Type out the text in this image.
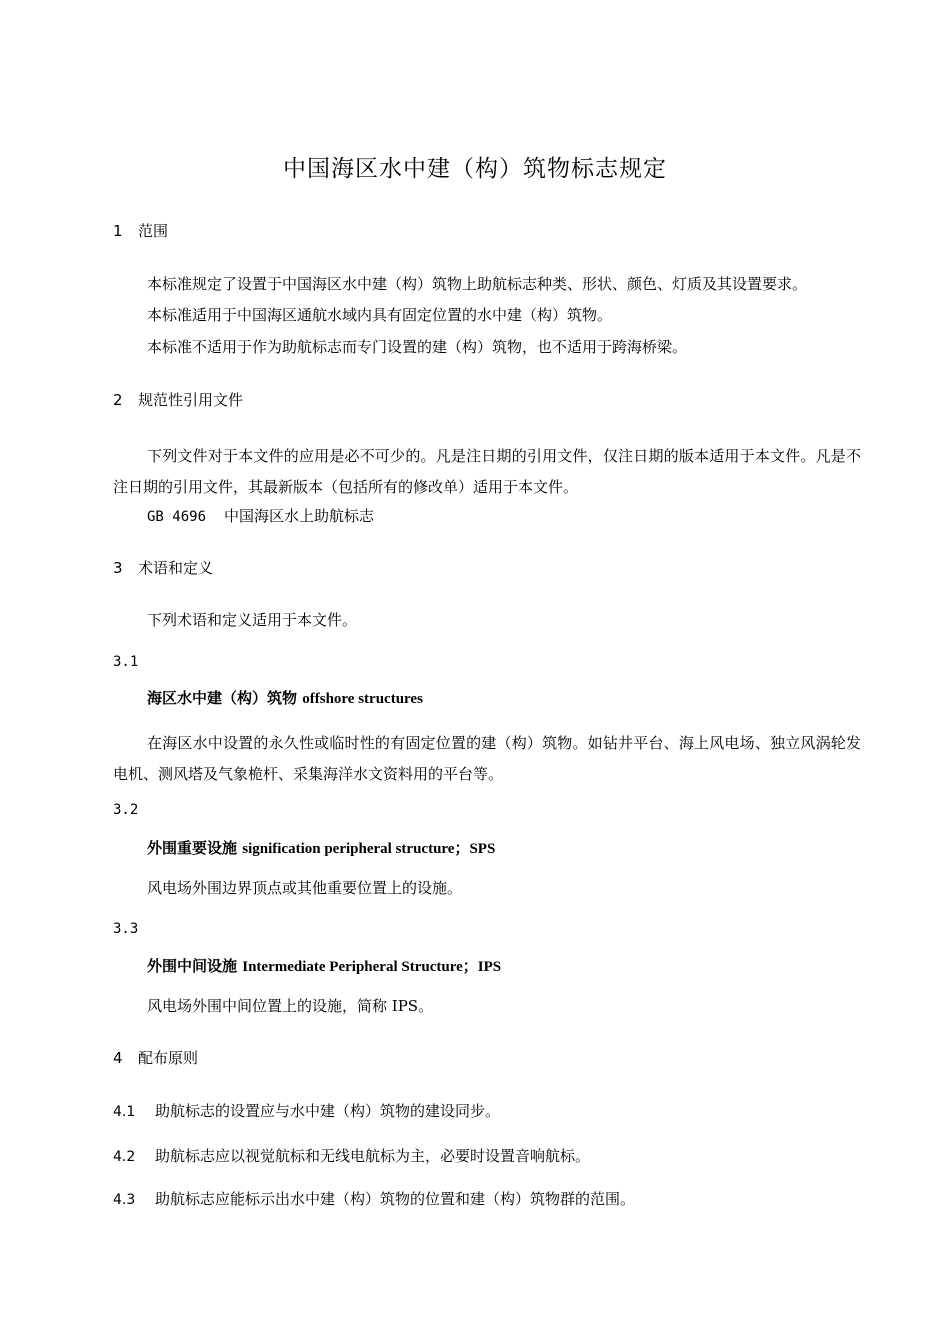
中国海区水中建（构）筑物标志规定
1 范围
本标准规定了设置于中国海区水中建（构）筑物上助航标志种类、形状、颜色、灯质及其设置要求。
本标准适用于中国海区通航水域内具有固定位置的水中建（构）筑物。
本标准不适用于作为助航标志而专门设置的建（构）筑物，也不适用于跨海桥梁。
2 规范性引用文件
下列文件对于本文件的应用是必不可少的。凡是注日期的引用文件，仅注日期的版本适用于本文件。凡是不注日期的引用文件，其最新版本（包括所有的修改单）适用于本文件。
GB 4696 中国海区水上助航标志
3 术语和定义
下列术语和定义适用于本文件。
3.1
海区水中建（构）筑物 offshore structures
在海区水中设置的永久性或临时性的有固定位置的建（构）筑物。如钻井平台、海上风电场、独立风涡轮发电机、测风塔及气象桅杆、采集海洋水文资料用的平台等。
3.2
外围重要设施 signification peripheral structure；SPS
风电场外围边界顶点或其他重要位置上的设施。
3.3
外围中间设施 Intermediate Peripheral Structure；IPS
风电场外围中间位置上的设施，简称 IPS。
4 配布原则
4.1 助航标志的设置应与水中建（构）筑物的建设同步。
4.2 助航标志应以视觉航标和无线电航标为主，必要时设置音响航标。
4.3 助航标志应能标示出水中建（构）筑物的位置和建（构）筑物群的范围。
